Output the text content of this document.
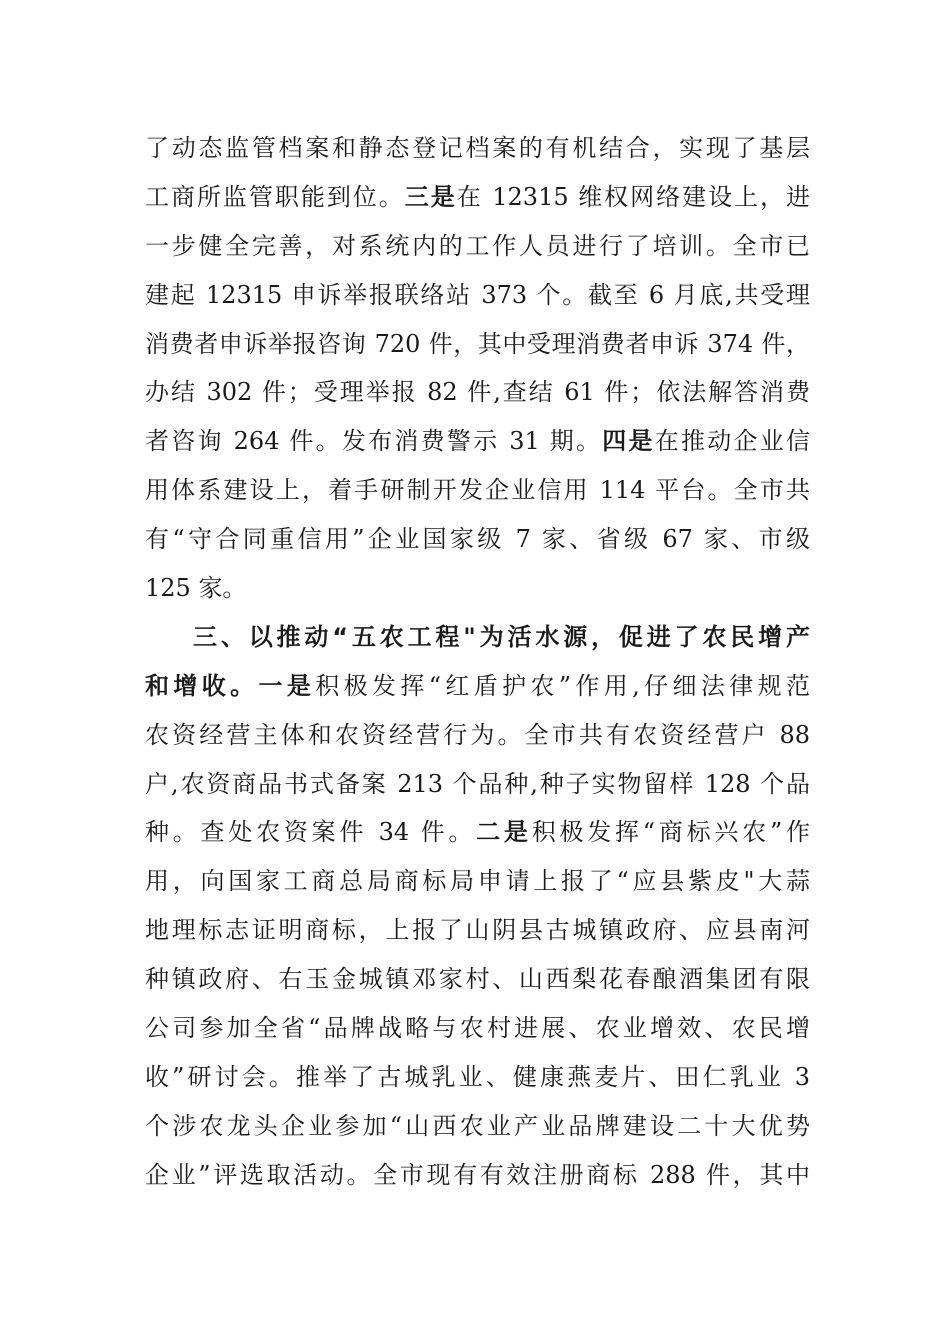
了动态监管档案和静态登记档案的有机结合，实现了基层
工商所监管职能到位。三是在 12315 维权网络建设上，进
一步健全完善，对系统内的工作人员进行了培训。全市已
建起 12315 申诉举报联络站 373 个。截至 6 月底,共受理
消费者申诉举报咨询 720 件，其中受理消费者申诉 374 件，
办结 302 件；受理举报 82 件,查结 61 件；依法解答消费
者咨询 264 件。发布消费警示 31 期。四是在推动企业信
用体系建设上，着手研制开发企业信用 114 平台。全市共
有“守合同重信用”企业国家级 7 家、省级 67 家、市级
125 家。
三、以推动“五农工程"为活水源，促进了农民增产
和增收。一是积极发挥“红盾护农”作用,仔细法律规范
农资经营主体和农资经营行为。全市共有农资经营户 88
户,农资商品书式备案 213 个品种,种子实物留样 128 个品
种。查处农资案件 34 件。二是积极发挥“商标兴农”作
用，向国家工商总局商标局申请上报了“应县紫皮"大蒜
地理标志证明商标，上报了山阴县古城镇政府、应县南河
种镇政府、右玉金城镇邓家村、山西梨花春酿酒集团有限
公司参加全省“品牌战略与农村进展、农业增效、农民增
收”研讨会。推举了古城乳业、健康燕麦片、田仁乳业 3
个涉农龙头企业参加“山西农业产业品牌建设二十大优势
企业”评选取活动。全市现有有效注册商标 288 件，其中
